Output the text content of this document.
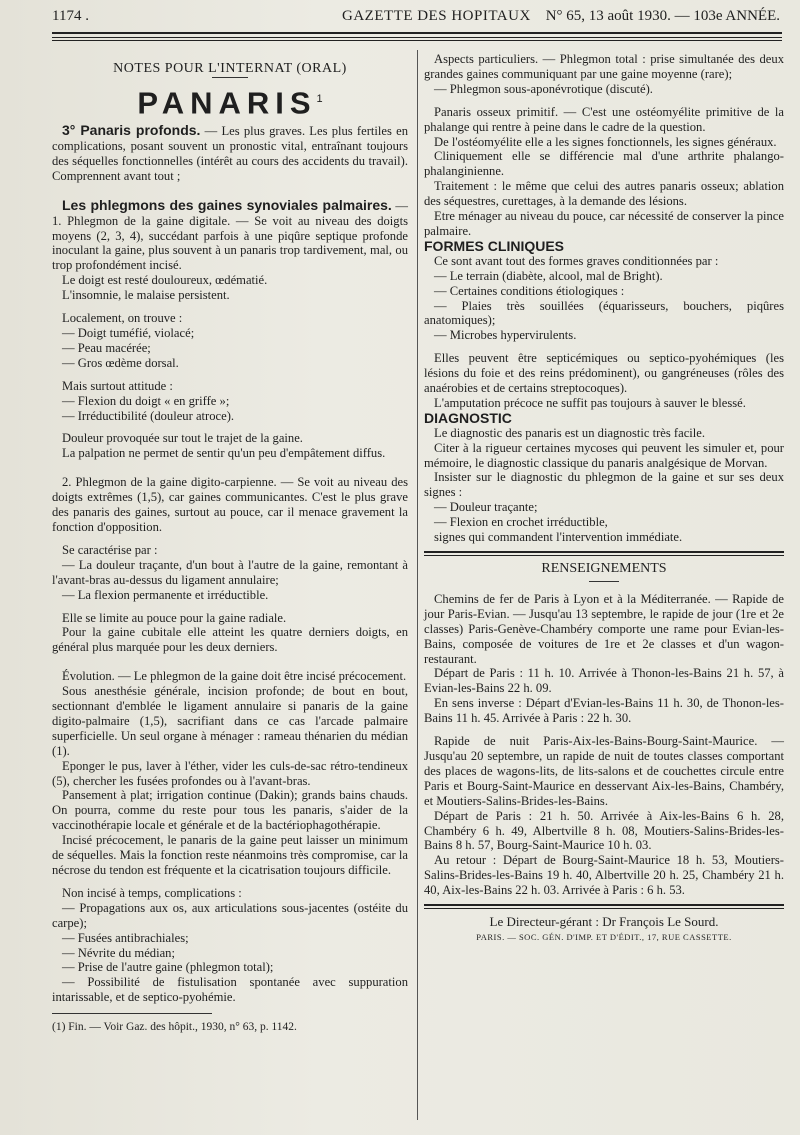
1174 .	GAZETTE DES HOPITAUX N° 65, 13 août 1930. — 103e ANNÉE.

NOTES POUR L'INTERNAT (ORAL)

PANARIS$^1$

3° Panaris profonds. — Les plus graves. Les plus fertiles en complications, posant souvent un pronostic vital, entraînant toujours des séquelles fonctionnelles (intérêt au cours des accidents du travail). Comprennent avant tout ;

Les phlegmons des gaines synoviales palmaires. — 1. Phlegmon de la gaine digitale. — Se voit au niveau des doigts moyens (2, 3, 4), succédant parfois à une piqûre septique profonde inoculant la gaine, plus souvent à un panaris trop tardivement, mal, ou trop profondément incisé.

Le doigt est resté douloureux, œdématié.

L'insomnie, le malaise persistent.

Localement, on trouve :

— Doigt tuméfié, violacé;

— Peau macérée;

— Gros œdème dorsal.

Mais surtout attitude :

— Flexion du doigt « en griffe »;

— Irréductibilité (douleur atroce).

Douleur provoquée sur tout le trajet de la gaine.

La palpation ne permet de sentir qu'un peu d'empâtement diffus.

2. Phlegmon de la gaine digito-carpienne. — Se voit au niveau des doigts extrêmes (1,5), car gaines communicantes. C'est le plus grave des panaris des gaines, surtout au pouce, car il menace gravement la fonction d'opposition.

Se caractérise par :

— La douleur traçante, d'un bout à l'autre de la gaine, remontant à l'avant-bras au-dessus du ligament annulaire;

— La flexion permanente et irréductible.

Elle se limite au pouce pour la gaine radiale.

Pour la gaine cubitale elle atteint les quatre derniers doigts, en général plus marquée pour les deux derniers.

Évolution. — Le phlegmon de la gaine doit être incisé précocement.

Sous anesthésie générale, incision profonde; de bout en bout, sectionnant d'emblée le ligament annulaire si panaris de la gaine digito-palmaire (1,5), sacrifiant dans ce cas l'arcade palmaire superficielle. Un seul organe à ménager : rameau thénarien du médian (1).

Eponger le pus, laver à l'éther, vider les culs-de-sac rétro-tendineux (5), chercher les fusées profondes ou à l'avant-bras.

Pansement à plat; irrigation continue (Dakin); grands bains chauds. On pourra, comme du reste pour tous les panaris, s'aider de la vaccinothérapie locale et générale et de la bactériophagothérapie.

Incisé précocement, le panaris de la gaine peut laisser un minimum de séquelles. Mais la fonction reste néanmoins très compromise, car la nécrose du tendon est fréquente et la cicatrisation toujours difficile.

Non incisé à temps, complications :

— Propagations aux os, aux articulations sous-jacentes (ostéite du carpe);

— Fusées antibrachiales;

— Névrite du médian;

— Prise de l'autre gaine (phlegmon total);

— Possibilité de fistulisation spontanée avec suppuration intarissable, et de septico-pyohémie.

(1) Fin. — Voir Gaz. des hôpit., 1930, n° 63, p. 1142.

Aspects particuliers. — Phlegmon total : prise simultanée des deux grandes gaines communiquant par une gaine moyenne (rare);

— Phlegmon sous-aponévrotique (discuté).

Panaris osseux primitif. — C'est une ostéomyélite primitive de la phalange qui rentre à peine dans le cadre de la question.

De l'ostéomyélite elle a les signes fonctionnels, les signes généraux.

Cliniquement elle se différencie mal d'une arthrite phalango-phalanginienne.

Traitement : le même que celui des autres panaris osseux; ablation des séquestres, curettages, à la demande des lésions.

Etre ménager au niveau du pouce, car nécessité de conserver la pince palmaire.

FORMES CLINIQUES

Ce sont avant tout des formes graves conditionnées par :

— Le terrain (diabète, alcool, mal de Bright).

— Certaines conditions étiologiques :

— Plaies très souillées (équarisseurs, bouchers, piqûres anatomiques);

— Microbes hypervirulents.

Elles peuvent être septicémiques ou septico-pyohémiques (les lésions du foie et des reins prédominent), ou gangréneuses (rôles des anaérobies et de certains streptocoques).

L'amputation précoce ne suffit pas toujours à sauver le blessé.

DIAGNOSTIC

Le diagnostic des panaris est un diagnostic très facile.

Citer à la rigueur certaines mycoses qui peuvent les simuler et, pour mémoire, le diagnostic classique du panaris analgésique de Morvan.

Insister sur le diagnostic du phlegmon de la gaine et sur ses deux signes :

— Douleur traçante;

— Flexion en crochet irréductible,

signes qui commandent l'intervention immédiate.

RENSEIGNEMENTS

Chemins de fer de Paris à Lyon et à la Méditerranée. — Rapide de jour Paris-Evian. — Jusqu'au 13 septembre, le rapide de jour (1re et 2e classes) Paris-Genève-Chambéry comporte une rame pour Evian-les-Bains, composée de voitures de 1re et 2e classes et d'un wagon-restaurant.

Départ de Paris : 11 h. 10. Arrivée à Thonon-les-Bains 21 h. 57, à Evian-les-Bains 22 h. 09.

En sens inverse : Départ d'Evian-les-Bains 11 h. 30, de Thonon-les-Bains 11 h. 45. Arrivée à Paris : 22 h. 30.

Rapide de nuit Paris-Aix-les-Bains-Bourg-Saint-Maurice. — Jusqu'au 20 septembre, un rapide de nuit de toutes classes comportant des places de wagons-lits, de lits-salons et de couchettes circule entre Paris et Bourg-Saint-Maurice en desservant Aix-les-Bains, Chambéry, et Moutiers-Salins-Brides-les-Bains.

Départ de Paris : 21 h. 50. Arrivée à Aix-les-Bains 6 h. 28, Chambéry 6 h. 49, Albertville 8 h. 08, Moutiers-Salins-Brides-les-Bains 8 h. 57, Bourg-Saint-Maurice 10 h. 03.

Au retour : Départ de Bourg-Saint-Maurice 18 h. 53, Moutiers-Salins-Brides-les-Bains 19 h. 40, Albertville 20 h. 25, Chambéry 21 h. 40, Aix-les-Bains 22 h. 03. Arrivée à Paris : 6 h. 53.

Le Directeur-gérant : Dr François Le Sourd.

PARIS. — SOC. GÉN. D'IMP. ET D'ÉDIT., 17, RUE CASSETTE.
